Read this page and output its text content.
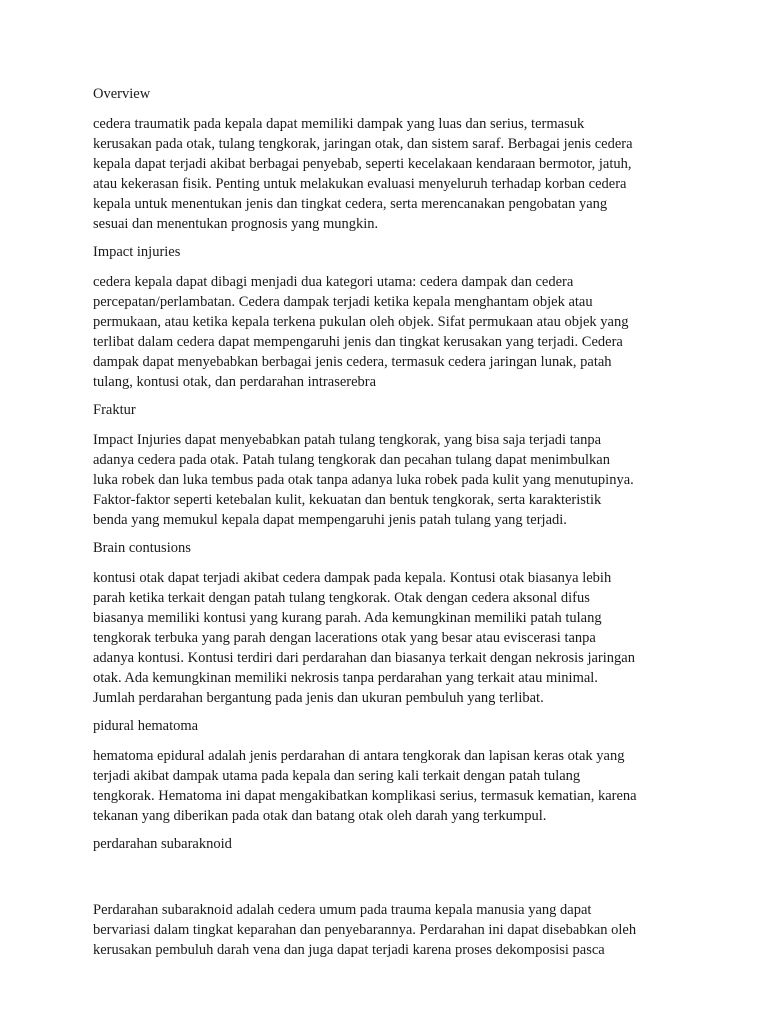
Overview
cedera traumatik pada kepala dapat memiliki dampak yang luas dan serius, termasuk
kerusakan pada otak, tulang tengkorak, jaringan otak, dan sistem saraf. Berbagai jenis cedera
kepala dapat terjadi akibat berbagai penyebab, seperti kecelakaan kendaraan bermotor, jatuh,
atau kekerasan fisik. Penting untuk melakukan evaluasi menyeluruh terhadap korban cedera
kepala untuk menentukan jenis dan tingkat cedera, serta merencanakan pengobatan yang
sesuai dan menentukan prognosis yang mungkin.
Impact injuries
cedera kepala dapat dibagi menjadi dua kategori utama: cedera dampak dan cedera
percepatan/perlambatan. Cedera dampak terjadi ketika kepala menghantam objek atau
permukaan, atau ketika kepala terkena pukulan oleh objek. Sifat permukaan atau objek yang
terlibat dalam cedera dapat mempengaruhi jenis dan tingkat kerusakan yang terjadi. Cedera
dampak dapat menyebabkan berbagai jenis cedera, termasuk cedera jaringan lunak, patah
tulang, kontusi otak, dan perdarahan intraserebra
Fraktur
Impact Injuries dapat menyebabkan patah tulang tengkorak, yang bisa saja terjadi tanpa
adanya cedera pada otak. Patah tulang tengkorak dan pecahan tulang dapat menimbulkan
luka robek dan luka tembus pada otak tanpa adanya luka robek pada kulit yang menutupinya.
Faktor-faktor seperti ketebalan kulit, kekuatan dan bentuk tengkorak, serta karakteristik
benda yang memukul kepala dapat mempengaruhi jenis patah tulang yang terjadi.
Brain contusions
kontusi otak dapat terjadi akibat cedera dampak pada kepala. Kontusi otak biasanya lebih
parah ketika terkait dengan patah tulang tengkorak. Otak dengan cedera aksonal difus
biasanya memiliki kontusi yang kurang parah. Ada kemungkinan memiliki patah tulang
tengkorak terbuka yang parah dengan lacerations otak yang besar atau eviscerasi tanpa
adanya kontusi. Kontusi terdiri dari perdarahan dan biasanya terkait dengan nekrosis jaringan
otak. Ada kemungkinan memiliki nekrosis tanpa perdarahan yang terkait atau minimal.
Jumlah perdarahan bergantung pada jenis dan ukuran pembuluh yang terlibat.
pidural hematoma
hematoma epidural adalah jenis perdarahan di antara tengkorak dan lapisan keras otak yang
terjadi akibat dampak utama pada kepala dan sering kali terkait dengan patah tulang
tengkorak. Hematoma ini dapat mengakibatkan komplikasi serius, termasuk kematian, karena
tekanan yang diberikan pada otak dan batang otak oleh darah yang terkumpul.
perdarahan subaraknoid
Perdarahan subaraknoid adalah cedera umum pada trauma kepala manusia yang dapat
bervariasi dalam tingkat keparahan dan penyebarannya. Perdarahan ini dapat disebabkan oleh
kerusakan pembuluh darah vena dan juga dapat terjadi karena proses dekomposisi pasca
